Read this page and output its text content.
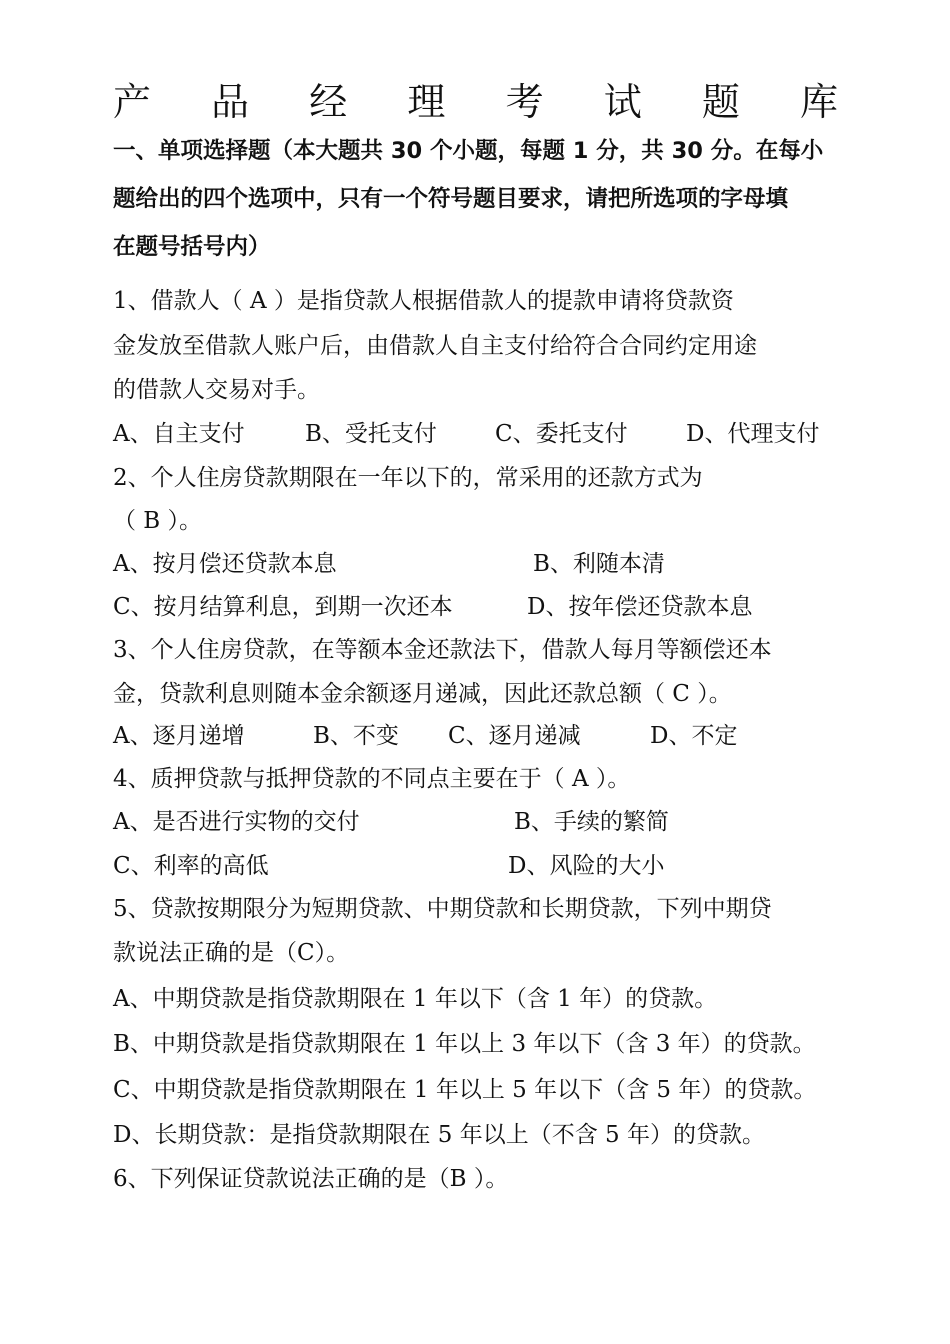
产 品 经 理 考 试 题 库
一、单项选择题（本大题共 30 个小题，每题 1 分，共 30 分。在每小
题给出的四个选项中，只有一个符号题目要求，请把所选项的字母填
在题号括号内）
1、借款人（ A ）是指贷款人根据借款人的提款申请将贷款资
金发放至借款人账户后，由借款人自主支付给符合合同约定用途
的借款人交易对手。
A、自主支付	B、受托支付	C、委托支付	D、代理支付
2、个人住房贷款期限在一年以下的，常采用的还款方式为
（ B ）。
A、按月偿还贷款本息	B、利随本清
C、按月结算利息，到期一次还本	D、按年偿还贷款本息
3、个人住房贷款，在等额本金还款法下，借款人每月等额偿还本
金，贷款利息则随本金余额逐月递减，因此还款总额（ C ）。
A、逐月递增	B、不变 C、逐月递减	D、不定
4、质押贷款与抵押贷款的不同点主要在于（ A ）。
A、是否进行实物的交付	B、手续的繁简
C、利率的高低	D、风险的大小
5、贷款按期限分为短期贷款、中期贷款和长期贷款，下列中期贷
款说法正确的是（C）。
A、中期贷款是指贷款期限在 1 年以下（含 1 年）的贷款。
B、中期贷款是指贷款期限在 1 年以上 3 年以下（含 3 年）的贷款。
C、中期贷款是指贷款期限在 1 年以上 5 年以下（含 5 年）的贷款。
D、长期贷款：是指贷款期限在 5 年以上（不含 5 年）的贷款。
6、下列保证贷款说法正确的是（B ）。
